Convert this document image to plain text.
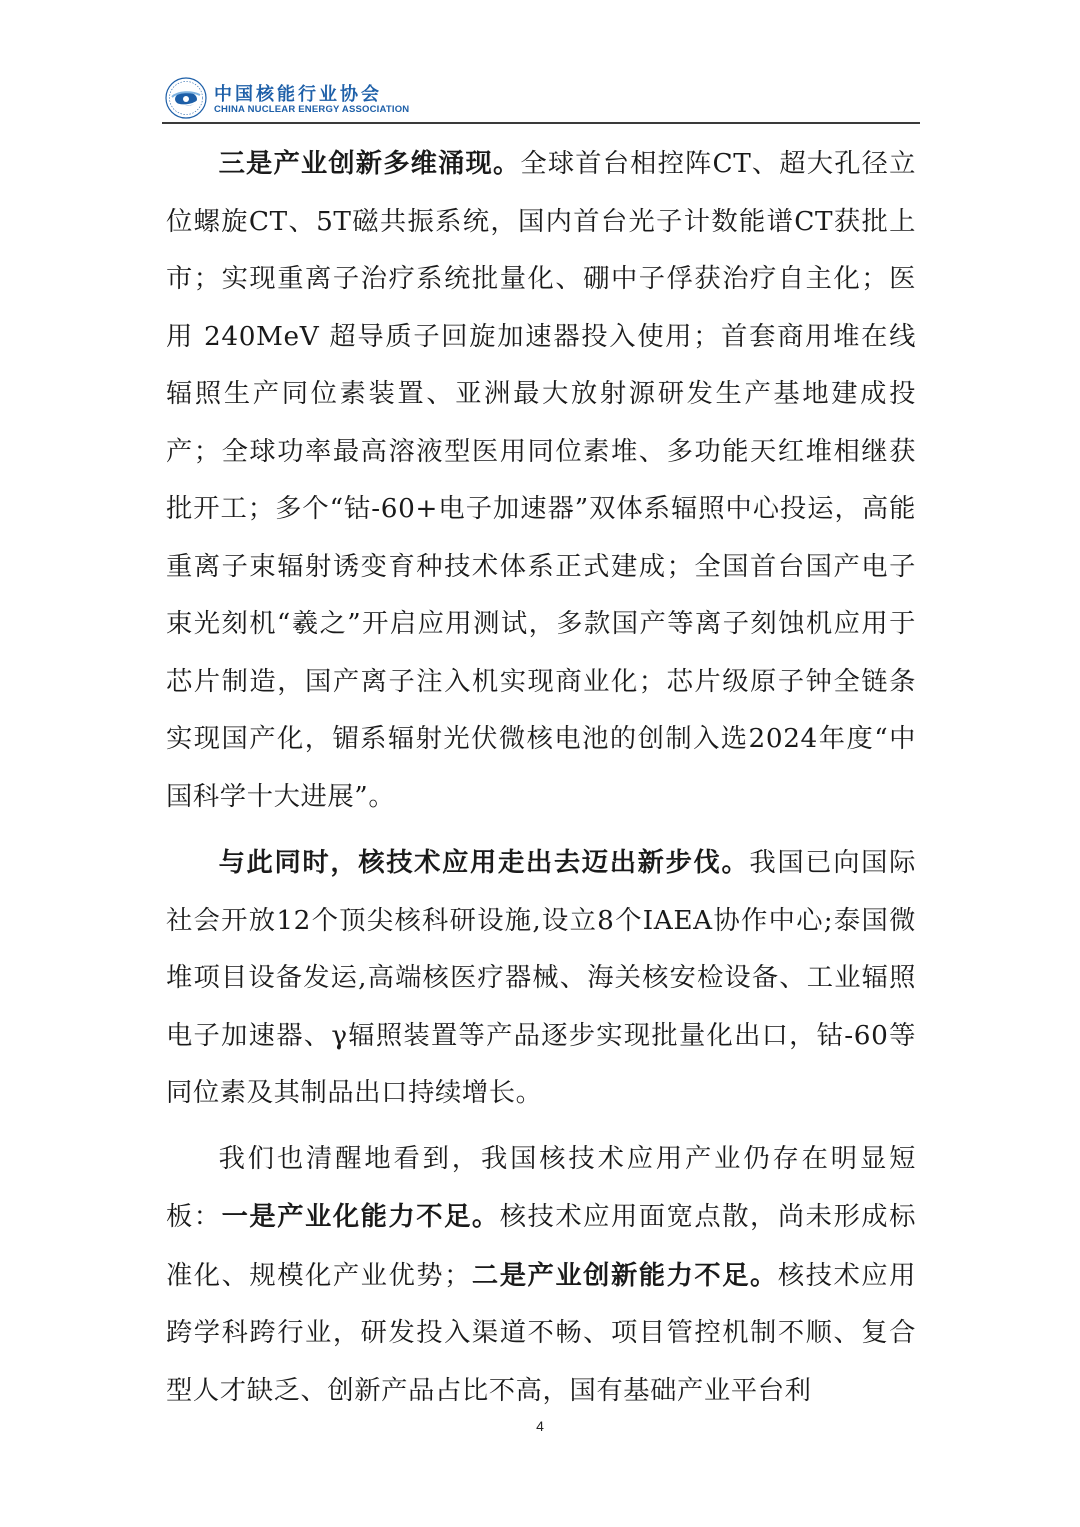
中国核能行业协会
CHINA NUCLEAR ENERGY ASSOCIATION

三是产业创新多维涌现。全球首台相控阵CT、超大孔径立位螺旋CT、5T磁共振系统，国内首台光子计数能谱CT获批上市；实现重离子治疗系统批量化、硼中子俘获治疗自主化；医用 240MeV 超导质子回旋加速器投入使用；首套商用堆在线辐照生产同位素装置、亚洲最大放射源研发生产基地建成投产；全球功率最高溶液型医用同位素堆、多功能天红堆相继获批开工；多个“钴-60+电子加速器”双体系辐照中心投运，高能重离子束辐射诱变育种技术体系正式建成；全国首台国产电子束光刻机“羲之”开启应用测试，多款国产等离子刻蚀机应用于芯片制造，国产离子注入机实现商业化；芯片级原子钟全链条实现国产化，镅系辐射光伏微核电池的创制入选2024年度“中国科学十大进展”。

与此同时，核技术应用走出去迈出新步伐。我国已向国际社会开放12个顶尖核科研设施,设立8个IAEA协作中心;泰国微堆项目设备发运,高端核医疗器械、海关核安检设备、工业辐照电子加速器、γ辐照装置等产品逐步实现批量化出口，钴-60等同位素及其制品出口持续增长。

我们也清醒地看到，我国核技术应用产业仍存在明显短板：一是产业化能力不足。核技术应用面宽点散，尚未形成标准化、规模化产业优势；二是产业创新能力不足。核技术应用跨学科跨行业，研发投入渠道不畅、项目管控机制不顺、复合型人才缺乏、创新产品占比不高，国有基础产业平台利

4
